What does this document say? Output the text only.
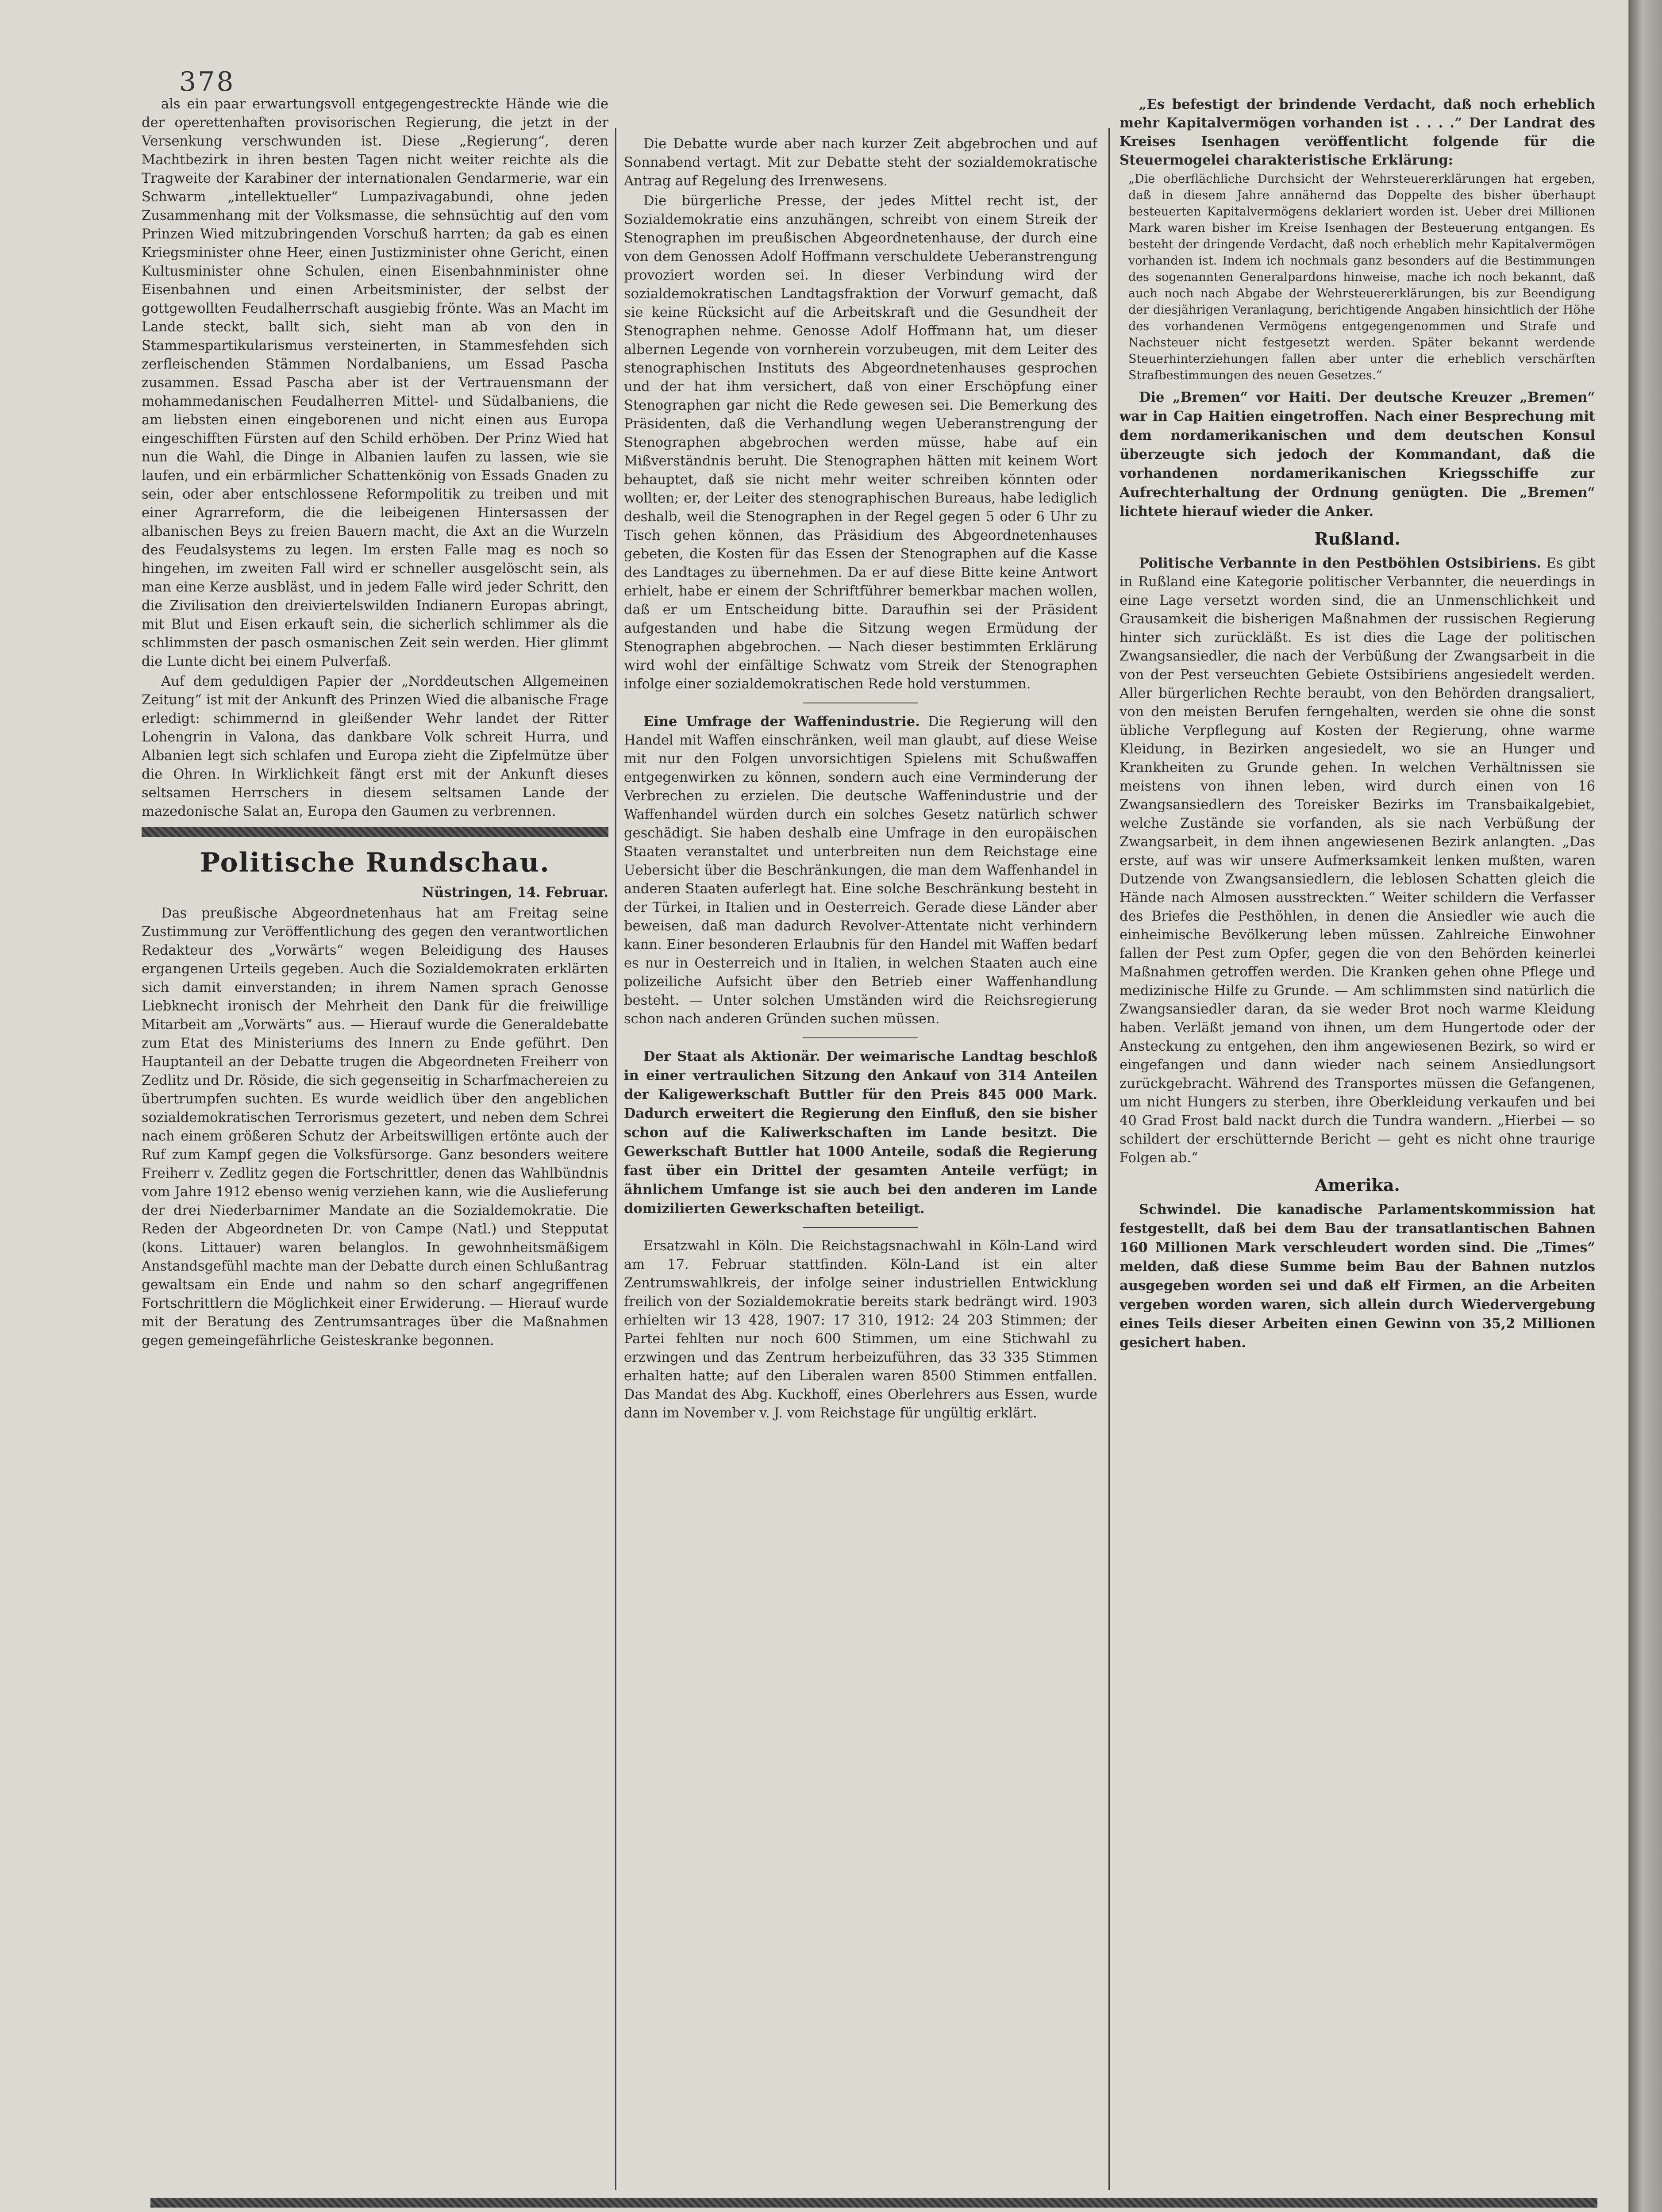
378

als ein paar erwartungsvoll entgegengestreckte Hände wie die der operettenhaften provisorischen Regierung, die jetzt in der Versenkung verschwunden ist. Diese „Regierung“, deren Machtbezirk in ihren besten Tagen nicht weiter reichte als die Tragweite der Karabiner der internationalen Gendarmerie, war ein Schwarm „intellektueller“ Lumpazivagabundi, ohne jeden Zusammenhang mit der Volksmasse, die sehnsüchtig auf den vom Prinzen Wied mitzubringenden Vorschuß harrten; da gab es einen Kriegsminister ohne Heer, einen Justizminister ohne Gericht, einen Kultusminister ohne Schulen, einen Eisenbahnminister ohne Eisenbahnen und einen Arbeitsminister, der selbst der gottgewollten Feudalherrschaft ausgiebig frönte. Was an Macht im Lande steckt, ballt sich, sieht man ab von den in Stammespartikularismus versteinerten, in Stammesfehden sich zerfleischenden Stämmen Nordalbaniens, um Essad Pascha zusammen. Essad Pascha aber ist der Vertrauensmann der mohammedanischen Feudalherren Mittel- und Südalbaniens, die am liebsten einen eingeborenen und nicht einen aus Europa eingeschifften Fürsten auf den Schild erhöben. Der Prinz Wied hat nun die Wahl, die Dinge in Albanien laufen zu lassen, wie sie laufen, und ein erbärmlicher Schattenkönig von Essads Gnaden zu sein, oder aber entschlossene Reformpolitik zu treiben und mit einer Agrarreform, die die leibeigenen Hintersassen der albanischen Beys zu freien Bauern macht, die Axt an die Wurzeln des Feudalsystems zu legen. Im ersten Falle mag es noch so hingehen, im zweiten Fall wird er schneller ausgelöscht sein, als man eine Kerze ausbläst, und in jedem Falle wird jeder Schritt, den die Zivilisation den dreiviertelswilden Indianern Europas abringt, mit Blut und Eisen erkauft sein, die sicherlich schlimmer als die schlimmsten der pasch osmanischen Zeit sein werden. Hier glimmt die Lunte dicht bei einem Pulverfaß.

Auf dem geduldigen Papier der „Norddeutschen Allgemeinen Zeitung“ ist mit der Ankunft des Prinzen Wied die albanische Frage erledigt: schimmernd in gleißender Wehr landet der Ritter Lohengrin in Valona, das dankbare Volk schreit Hurra, und Albanien legt sich schlafen und Europa zieht die Zipfelmütze über die Ohren. In Wirklichkeit fängt erst mit der Ankunft dieses seltsamen Herrschers in diesem seltsamen Lande der mazedonische Salat an, Europa den Gaumen zu verbrennen.

Politische Rundschau.
Nüstringen, 14. Februar.

Das preußische Abgeordnetenhaus hat am Freitag seine Zustimmung zur Veröffentlichung des gegen den verantwortlichen Redakteur des „Vorwärts“ wegen Beleidigung des Hauses ergangenen Urteils gegeben. Auch die Sozialdemokraten erklärten sich damit einverstanden; in ihrem Namen sprach Genosse Liebknecht ironisch der Mehrheit den Dank für die freiwillige Mitarbeit am „Vorwärts“ aus. — Hierauf wurde die Generaldebatte zum Etat des Ministeriums des Innern zu Ende geführt. Den Hauptanteil an der Debatte trugen die Abgeordneten Freiherr von Zedlitz und Dr. Röside, die sich gegenseitig in Scharfmachereien zu übertrumpfen suchten. Es wurde weidlich über den angeblichen sozialdemokratischen Terrorismus gezetert, und neben dem Schrei nach einem größeren Schutz der Arbeitswilligen ertönte auch der Ruf zum Kampf gegen die Volksfürsorge. Ganz besonders weitere Freiherr v. Zedlitz gegen die Fortschrittler, denen das Wahlbündnis vom Jahre 1912 ebenso wenig verziehen kann, wie die Auslieferung der drei Niederbarnimer Mandate an die Sozialdemokratie. Die Reden der Abgeordneten Dr. von Campe (Natl.) und Stepputat (kons. Littauer) waren belanglos. In gewohnheitsmäßigem Anstandsgefühl machte man der Debatte durch einen Schlußantrag gewaltsam ein Ende und nahm so den scharf angegriffenen Fortschrittlern die Möglichkeit einer Erwiderung. — Hierauf wurde mit der Beratung des Zentrumsantrages über die Maßnahmen gegen gemeingefährliche Geisteskranke begonnen.

Die Debatte wurde aber nach kurzer Zeit abgebrochen und auf Sonnabend vertagt. Mit zur Debatte steht der sozialdemokratische Antrag auf Regelung des Irrenwesens.

Die bürgerliche Presse, der jedes Mittel recht ist, der Sozialdemokratie eins anzuhängen, schreibt von einem Streik der Stenographen im preußischen Abgeordnetenhause, der durch eine von dem Genossen Adolf Hoffmann verschuldete Ueberanstrengung provoziert worden sei. In dieser Verbindung wird der sozialdemokratischen Landtagsfraktion der Vorwurf gemacht, daß sie keine Rücksicht auf die Arbeitskraft und die Gesundheit der Stenographen nehme. Genosse Adolf Hoffmann hat, um dieser albernen Legende von vornherein vorzubeugen, mit dem Leiter des stenographischen Instituts des Abgeordnetenhauses gesprochen und der hat ihm versichert, daß von einer Erschöpfung einer Stenographen gar nicht die Rede gewesen sei. Die Bemerkung des Präsidenten, daß die Verhandlung wegen Ueberanstrengung der Stenographen abgebrochen werden müsse, habe auf ein Mißverständnis beruht. Die Stenographen hätten mit keinem Wort behauptet, daß sie nicht mehr weiter schreiben könnten oder wollten; er, der Leiter des stenographischen Bureaus, habe lediglich deshalb, weil die Stenographen in der Regel gegen 5 oder 6 Uhr zu Tisch gehen können, das Präsidium des Abgeordnetenhauses gebeten, die Kosten für das Essen der Stenographen auf die Kasse des Landtages zu übernehmen. Da er auf diese Bitte keine Antwort erhielt, habe er einem der Schriftführer bemerkbar machen wollen, daß er um Entscheidung bitte. Daraufhin sei der Präsident aufgestanden und habe die Sitzung wegen Ermüdung der Stenographen abgebrochen. — Nach dieser bestimmten Erklärung wird wohl der einfältige Schwatz vom Streik der Stenographen infolge einer sozialdemokratischen Rede hold verstummen.

Eine Umfrage der Waffenindustrie. Die Regierung will den Handel mit Waffen einschränken, weil man glaubt, auf diese Weise mit nur den Folgen unvorsichtigen Spielens mit Schußwaffen entgegenwirken zu können, sondern auch eine Verminderung der Verbrechen zu erzielen. Die deutsche Waffenindustrie und der Waffenhandel würden durch ein solches Gesetz natürlich schwer geschädigt. Sie haben deshalb eine Umfrage in den europäischen Staaten veranstaltet und unterbreiten nun dem Reichstage eine Uebersicht über die Beschränkungen, die man dem Waffenhandel in anderen Staaten auferlegt hat. Eine solche Beschränkung besteht in der Türkei, in Italien und in Oesterreich. Gerade diese Länder aber beweisen, daß man dadurch Revolver-Attentate nicht verhindern kann. Einer besonderen Erlaubnis für den Handel mit Waffen bedarf es nur in Oesterreich und in Italien, in welchen Staaten auch eine polizeiliche Aufsicht über den Betrieb einer Waffenhandlung besteht. — Unter solchen Umständen wird die Reichsregierung schon nach anderen Gründen suchen müssen.

Der Staat als Aktionär. Der weimarische Landtag beschloß in einer vertraulichen Sitzung den Ankauf von 314 Anteilen der Kaligewerkschaft Buttler für den Preis 845 000 Mark. Dadurch erweitert die Regierung den Einfluß, den sie bisher schon auf die Kaliwerkschaften im Lande besitzt. Die Gewerkschaft Buttler hat 1000 Anteile, sodaß die Regierung fast über ein Drittel der gesamten Anteile verfügt; in ähnlichem Umfange ist sie auch bei den anderen im Lande domizilierten Gewerkschaften beteiligt.

Ersatzwahl in Köln. Die Reichstagsnachwahl in Köln-Land wird am 17. Februar stattfinden. Köln-Land ist ein alter Zentrumswahlkreis, der infolge seiner industriellen Entwicklung freilich von der Sozialdemokratie bereits stark bedrängt wird. 1903 erhielten wir 13 428, 1907: 17 310, 1912: 24 203 Stimmen; der Partei fehlten nur noch 600 Stimmen, um eine Stichwahl zu erzwingen und das Zentrum herbeizuführen, das 33 335 Stimmen erhalten hatte; auf den Liberalen waren 8500 Stimmen entfallen. Das Mandat des Abg. Kuckhoff, eines Oberlehrers aus Essen, wurde dann im November v. J. vom Reichstage für ungültig erklärt.

„Es befestigt der brindende Verdacht, daß noch erheblich mehr Kapitalvermögen vorhanden ist . . . .“ Der Landrat des Kreises Isenhagen veröffentlicht folgende für die Steuermogelei charakteristische Erklärung:

„Die oberflächliche Durchsicht der Wehrsteuererklärungen hat ergeben, daß in diesem Jahre annähernd das Doppelte des bisher überhaupt besteuerten Kapitalvermögens deklariert worden ist. Ueber drei Millionen Mark waren bisher im Kreise Isenhagen der Besteuerung entgangen. Es besteht der dringende Verdacht, daß noch erheblich mehr Kapitalvermögen vorhanden ist. Indem ich nochmals ganz besonders auf die Bestimmungen des sogenannten Generalpardons hinweise, mache ich noch bekannt, daß auch noch nach Abgabe der Wehrsteuererklärungen, bis zur Beendigung der diesjährigen Veranlagung, berichtigende Angaben hinsichtlich der Höhe des vorhandenen Vermögens entgegengenommen und Strafe und Nachsteuer nicht festgesetzt werden. Später bekannt werdende Steuerhinterziehungen fallen aber unter die erheblich verschärften Strafbestimmungen des neuen Gesetzes.“

Die „Bremen“ vor Haiti. Der deutsche Kreuzer „Bremen“ war in Cap Haitien eingetroffen. Nach einer Besprechung mit dem nordamerikanischen und dem deutschen Konsul überzeugte sich jedoch der Kommandant, daß die vorhandenen nordamerikanischen Kriegsschiffe zur Aufrechterhaltung der Ordnung genügten. Die „Bremen“ lichtete hierauf wieder die Anker.

Rußland.

Politische Verbannte in den Pestböhlen Ostsibiriens. Es gibt in Rußland eine Kategorie politischer Verbannter, die neuerdings in eine Lage versetzt worden sind, die an Unmenschlichkeit und Grausamkeit die bisherigen Maßnahmen der russischen Regierung hinter sich zurückläßt. Es ist dies die Lage der politischen Zwangsansiedler, die nach der Verbüßung der Zwangsarbeit in die von der Pest verseuchten Gebiete Ostsibiriens angesiedelt werden. Aller bürgerlichen Rechte beraubt, von den Behörden drangsaliert, von den meisten Berufen ferngehalten, werden sie ohne die sonst übliche Verpflegung auf Kosten der Regierung, ohne warme Kleidung, in Bezirken angesiedelt, wo sie an Hunger und Krankheiten zu Grunde gehen. In welchen Verhältnissen sie meistens von ihnen leben, wird durch einen von 16 Zwangsansiedlern des Toreisker Bezirks im Transbaikalgebiet, welche Zustände sie vorfanden, als sie nach Verbüßung der Zwangsarbeit, in dem ihnen angewiesenen Bezirk anlangten. „Das erste, auf was wir unsere Aufmerksamkeit lenken mußten, waren Dutzende von Zwangsansiedlern, die leblosen Schatten gleich die Hände nach Almosen ausstreckten.“ Weiter schildern die Verfasser des Briefes die Pesthöhlen, in denen die Ansiedler wie auch die einheimische Bevölkerung leben müssen. Zahlreiche Einwohner fallen der Pest zum Opfer, gegen die von den Behörden keinerlei Maßnahmen getroffen werden. Die Kranken gehen ohne Pflege und medizinische Hilfe zu Grunde. — Am schlimmsten sind natürlich die Zwangsansiedler daran, da sie weder Brot noch warme Kleidung haben. Verläßt jemand von ihnen, um dem Hungertode oder der Ansteckung zu entgehen, den ihm angewiesenen Bezirk, so wird er eingefangen und dann wieder nach seinem Ansiedlungsort zurückgebracht. Während des Transportes müssen die Gefangenen, um nicht Hungers zu sterben, ihre Oberkleidung verkaufen und bei 40 Grad Frost bald nackt durch die Tundra wandern. „Hierbei — so schildert der erschütternde Bericht — geht es nicht ohne traurige Folgen ab.“

Amerika.

Schwindel. Die kanadische Parlamentskommission hat festgestellt, daß bei dem Bau der transatlantischen Bahnen 160 Millionen Mark verschleudert worden sind. Die „Times“ melden, daß diese Summe beim Bau der Bahnen nutzlos ausgegeben worden sei und daß elf Firmen, an die Arbeiten vergeben worden waren, sich allein durch Wiedervergebung eines Teils dieser Arbeiten einen Gewinn von 35,2 Millionen gesichert haben.
